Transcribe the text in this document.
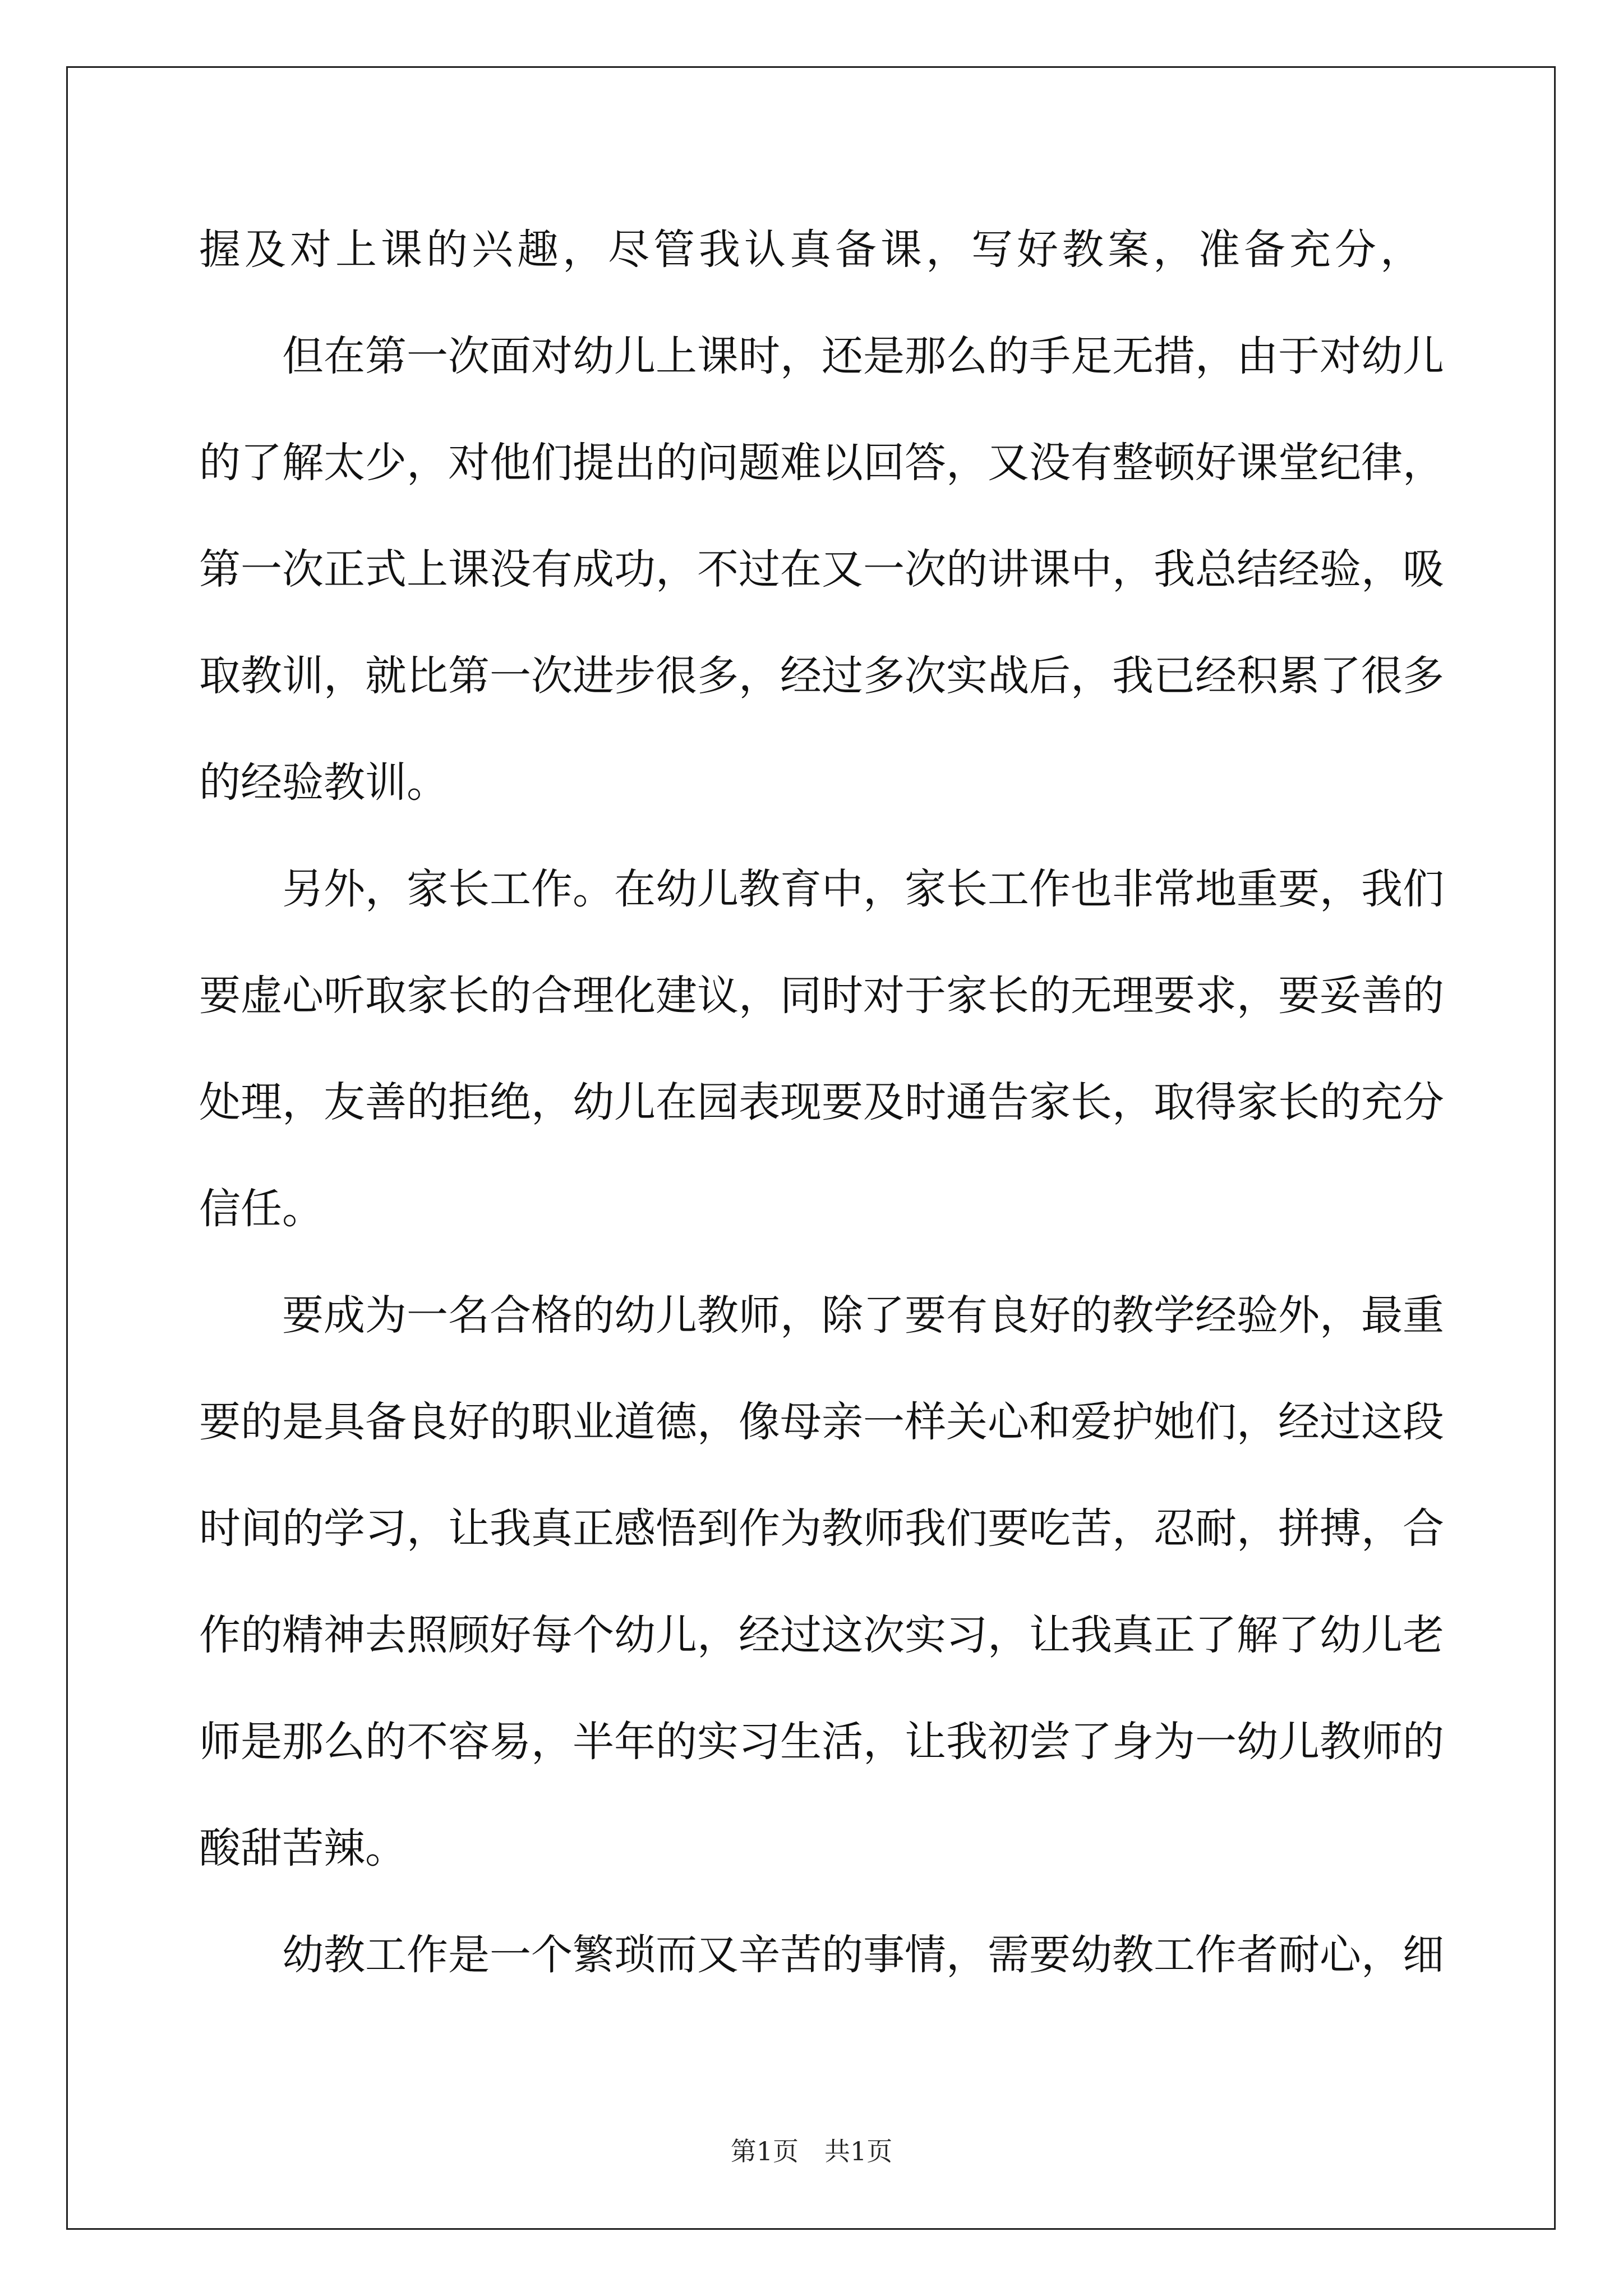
握 及 对 上 课 的 兴 趣 ， 尽 管 我 认 真 备 课 ， 写 好 教 案 ， 准 备 充 分 ，
但 在 第 一 次 面 对 幼 儿 上 课 时 ， 还 是 那 么 的 手 足 无 措 ， 由 于 对 幼 儿
的 了 解 太 少 ， 对 他 们 提 出 的 问 题 难 以 回 答 ， 又 没 有 整 顿 好 课 堂 纪 律 ，
第 一 次 正 式 上 课 没 有 成 功 ， 不 过 在 又 一 次 的 讲 课 中 ， 我 总 结 经 验 ， 吸
取 教 训 ， 就 比 第 一 次 进 步 很 多 ， 经 过 多 次 实 战 后 ， 我 已 经 积 累 了 很 多
的经验教训。
另 外 ， 家 长 工 作 。 在 幼 儿 教 育 中 ， 家 长 工 作 也 非 常 地 重 要 ， 我 们
要 虚 心 听 取 家 长 的 合 理 化 建 议 ， 同 时 对 于 家 长 的 无 理 要 求 ， 要 妥 善 的
处 理 ， 友 善 的 拒 绝 ， 幼 儿 在 园 表 现 要 及 时 通 告 家 长 ， 取 得 家 长 的 充 分
信任。
要 成 为 一 名 合 格 的 幼 儿 教 师 ， 除 了 要 有 良 好 的 教 学 经 验 外 ， 最 重
要 的 是 具 备 良 好 的 职 业 道 德 ， 像 母 亲 一 样 关 心 和 爱 护 她 们 ， 经 过 这 段
时 间 的 学 习 ， 让 我 真 正 感 悟 到 作 为 教 师 我 们 要 吃 苦 ， 忍 耐 ， 拼 搏 ， 合
作 的 精 神 去 照 顾 好 每 个 幼 儿 ， 经 过 这 次 实 习 ， 让 我 真 正 了 解 了 幼 儿 老
师 是 那 么 的 不 容 易 ， 半 年 的 实 习 生 活 ， 让 我 初 尝 了 身 为 一 幼 儿 教 师 的
酸甜苦辣。
幼 教 工 作 是 一 个 繁 琐 而 又 辛 苦 的 事 情 ， 需 要 幼 教 工 作 者 耐 心 ， 细
第1页　共1页
